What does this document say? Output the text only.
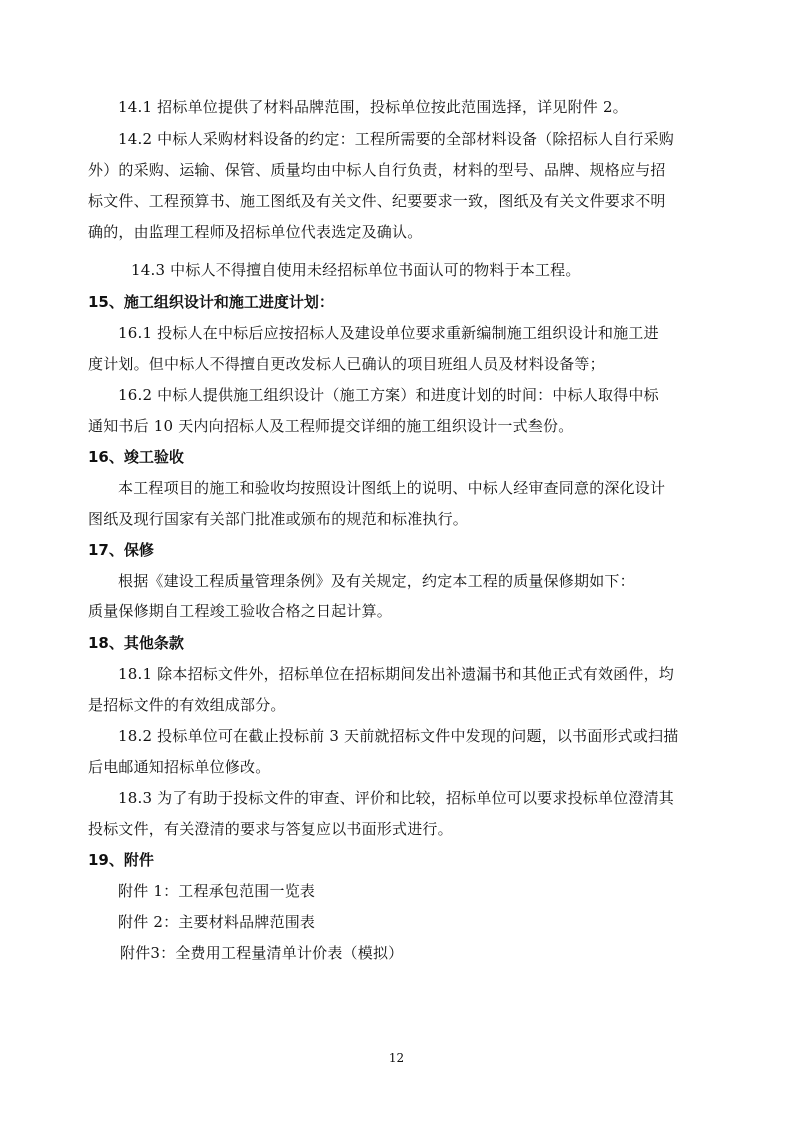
14.1 招标单位提供了材料品牌范围，投标单位按此范围选择，详见附件 2。
14.2 中标人采购材料设备的约定：工程所需要的全部材料设备（除招标人自行采购
外）的采购、运输、保管、质量均由中标人自行负责，材料的型号、品牌、规格应与招
标文件、工程预算书、施工图纸及有关文件、纪要要求一致，图纸及有关文件要求不明
确的，由监理工程师及招标单位代表选定及确认。
14.3 中标人不得擅自使用未经招标单位书面认可的物料于本工程。
15、施工组织设计和施工进度计划：
16.1 投标人在中标后应按招标人及建设单位要求重新编制施工组织设计和施工进
度计划。但中标人不得擅自更改发标人已确认的项目班组人员及材料设备等；
16.2 中标人提供施工组织设计（施工方案）和进度计划的时间：中标人取得中标
通知书后 10 天内向招标人及工程师提交详细的施工组织设计一式叁份。
16、竣工验收
本工程项目的施工和验收均按照设计图纸上的说明、中标人经审查同意的深化设计
图纸及现行国家有关部门批准或颁布的规范和标准执行。
17、保修
根据《建设工程质量管理条例》及有关规定，约定本工程的质量保修期如下：
质量保修期自工程竣工验收合格之日起计算。
18、其他条款
18.1 除本招标文件外，招标单位在招标期间发出补遗漏书和其他正式有效函件，均
是招标文件的有效组成部分。
18.2 投标单位可在截止投标前 3 天前就招标文件中发现的问题，以书面形式或扫描
后电邮通知招标单位修改。
18.3 为了有助于投标文件的审查、评价和比较，招标单位可以要求投标单位澄清其
投标文件，有关澄清的要求与答复应以书面形式进行。
19、附件
附件 1：工程承包范围一览表
附件 2：主要材料品牌范围表
附件3：全费用工程量清单计价表（模拟）
12
